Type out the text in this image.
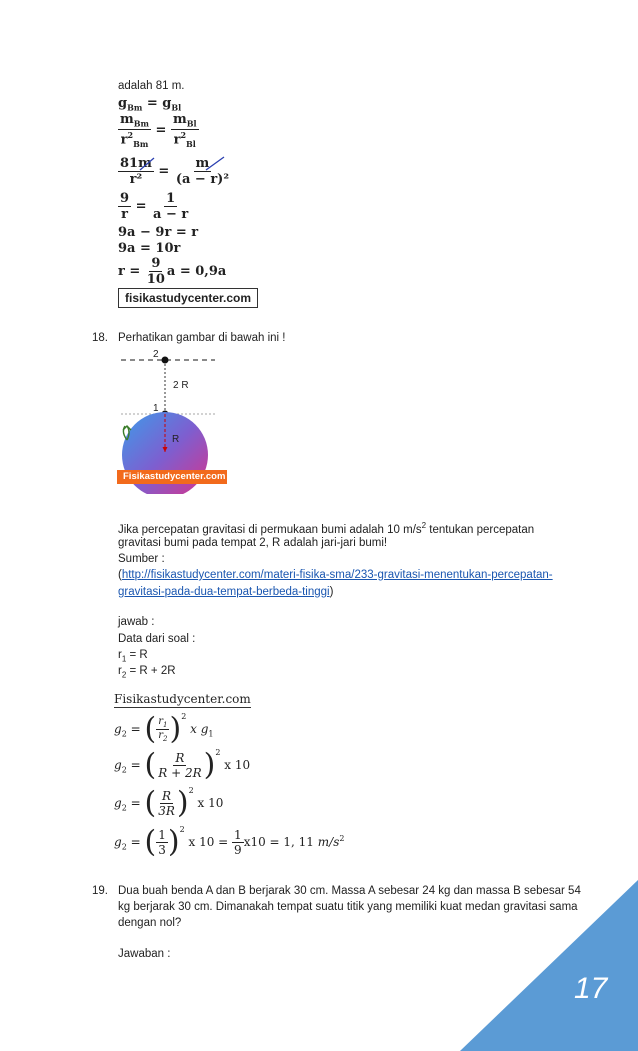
adalah 81 m.
$g_{Bm} = g_{Bl}$
$\frac{m_{Bm}}{r^2_{Bm}} = \frac{m_{Bl}}{r^2_{Bl}}$
$\frac{81m}{\text{r²}} = \frac{m}{\text{(a − r)²}}$
$\frac{9}{r} = \frac{1}{a - r}$
9a − 9r = r
9a = 10r
$r = \frac{9}{10}$ a = 0,9a
fisikastudycenter.com
18. Perhatikan gambar di bawah ini !
2
1
2 R
R
Fisikastudycenter.com
Jika percepatan gravitasi di permukaan bumi adalah 10 $m/s^2$ tentukan percepatan
gravitasi bumi pada tempat 2, R adalah jari-jari bumi!
Sumber :
(http://fisikastudycenter.com/materi-fisika-sma/233-gravitasi-menentukan-percepatan-
gravitasi-pada-dua-tempat-berbeda-tinggi)
jawab :
Data dari soal :
$r_1 = R$
$r_2 = R + 2R$
Fisikastudycenter.com
$g_2$ = ( $\frac{r_1}{r_2} )^2$ x $g_1$
$g_2$ = ( $\frac{R}{R + 2R} )^2$ x 10
$g_2$ = ( $\frac{R}{3R} )^2$ x 10
$g_2$ = ( $\frac{1}{3} )^2$ x $10 = \frac{1}{9} x10 = 1$, 11 $m/s^2$
19. Dua buah benda A dan B berjarak 30 cm. Massa A sebesar 24 kg dan massa B sebesar 54
kg berjarak 30 cm. Dimanakah tempat suatu titik yang memiliki kuat medan gravitasi sama
dengan nol?
Jawaban :
17
